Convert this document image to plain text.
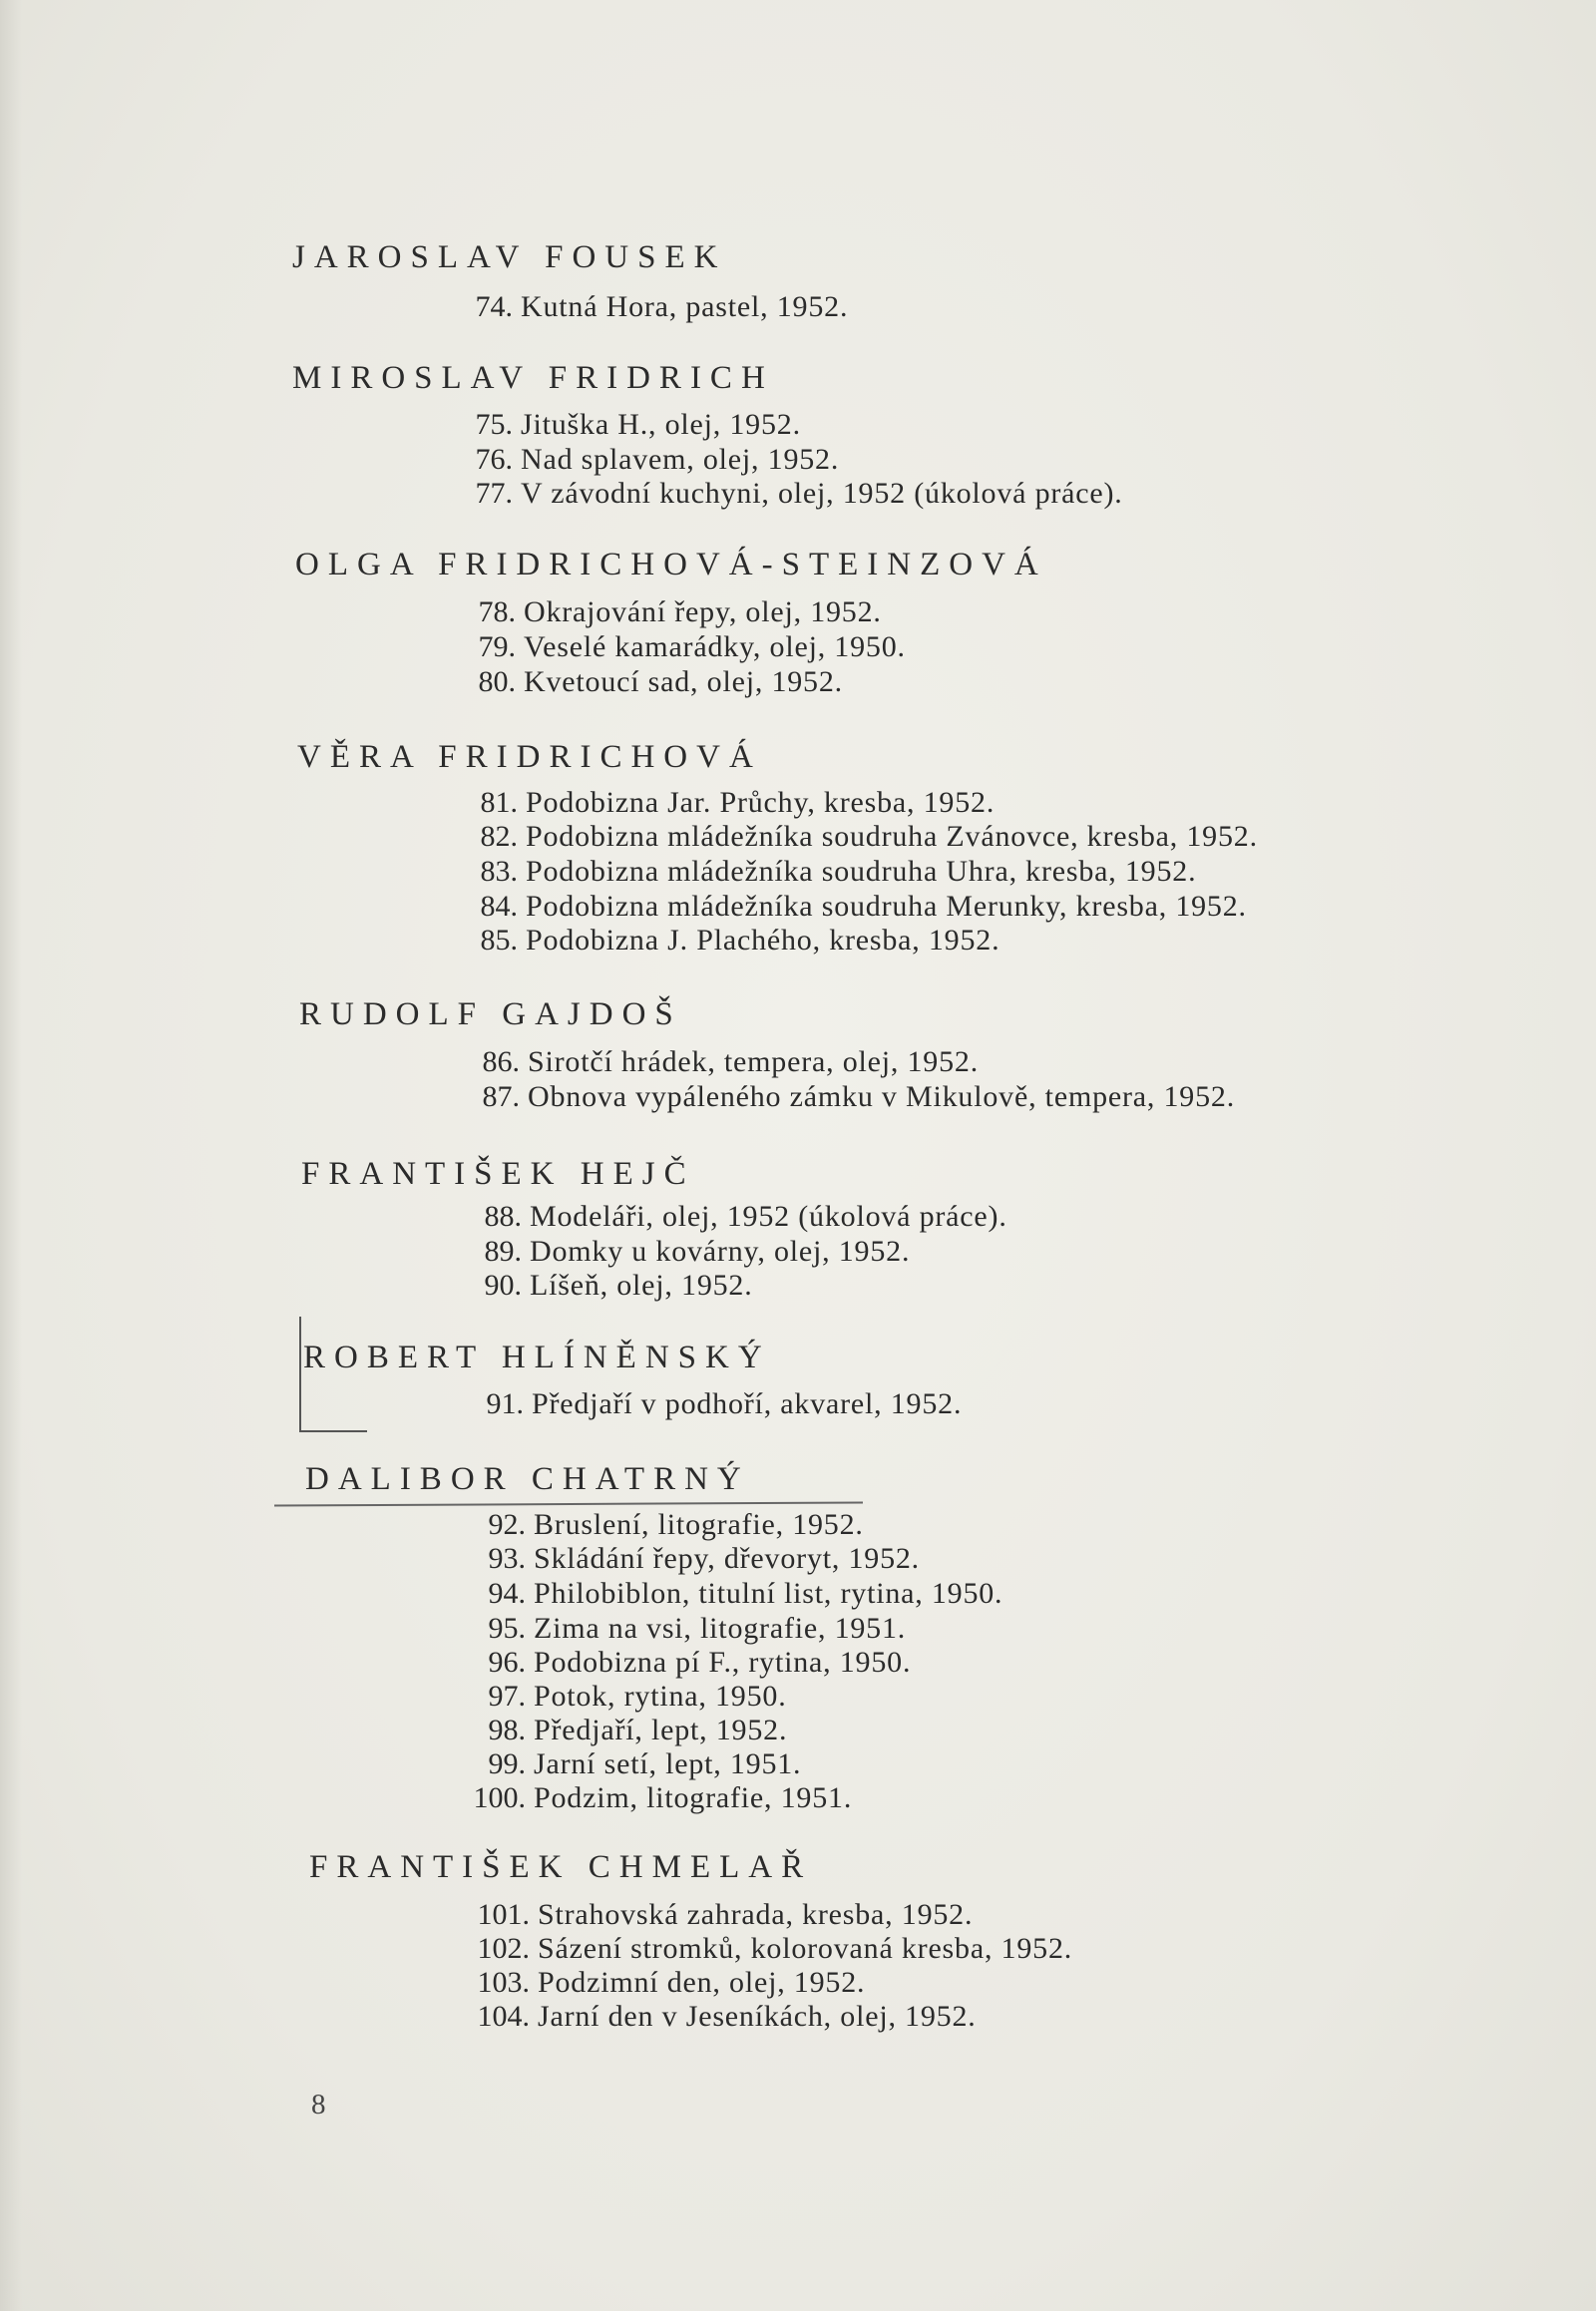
JAROSLAV FOUSEK
74. Kutná Hora, pastel, 1952.
MIROSLAV FRIDRICH
75. Jituška H., olej, 1952.
76. Nad splavem, olej, 1952.
77. V závodní kuchyni, olej, 1952 (úkolová práce).
OLGA FRIDRICHOVÁ-STEINZOVÁ
78. Okrajování řepy, olej, 1952.
79. Veselé kamarádky, olej, 1950.
80. Kvetoucí sad, olej, 1952.
VĚRA FRIDRICHOVÁ
81. Podobizna Jar. Průchy, kresba, 1952.
82. Podobizna mládežníka soudruha Zvánovce, kresba, 1952.
83. Podobizna mládežníka soudruha Uhra, kresba, 1952.
84. Podobizna mládežníka soudruha Merunky, kresba, 1952.
85. Podobizna J. Plachého, kresba, 1952.
RUDOLF GAJDOŠ
86. Sirotčí hrádek, tempera, olej, 1952.
87. Obnova vypáleného zámku v Mikulově, tempera, 1952.
FRANTIŠEK HEJČ
88. Modeláři, olej, 1952 (úkolová práce).
89. Domky u kovárny, olej, 1952.
90. Líšeň, olej, 1952.
ROBERT HLÍNĚNSKÝ
91. Předjaří v podhoří, akvarel, 1952.
DALIBOR CHATRNÝ
92. Bruslení, litografie, 1952.
93. Skládání řepy, dřevoryt, 1952.
94. Philobiblon, titulní list, rytina, 1950.
95. Zima na vsi, litografie, 1951.
96. Podobizna pí F., rytina, 1950.
97. Potok, rytina, 1950.
98. Předjaří, lept, 1952.
99. Jarní setí, lept, 1951.
100. Podzim, litografie, 1951.
FRANTIŠEK CHMELAŘ
101. Strahovská zahrada, kresba, 1952.
102. Sázení stromků, kolorovaná kresba, 1952.
103. Podzimní den, olej, 1952.
104. Jarní den v Jeseníkách, olej, 1952.
8
